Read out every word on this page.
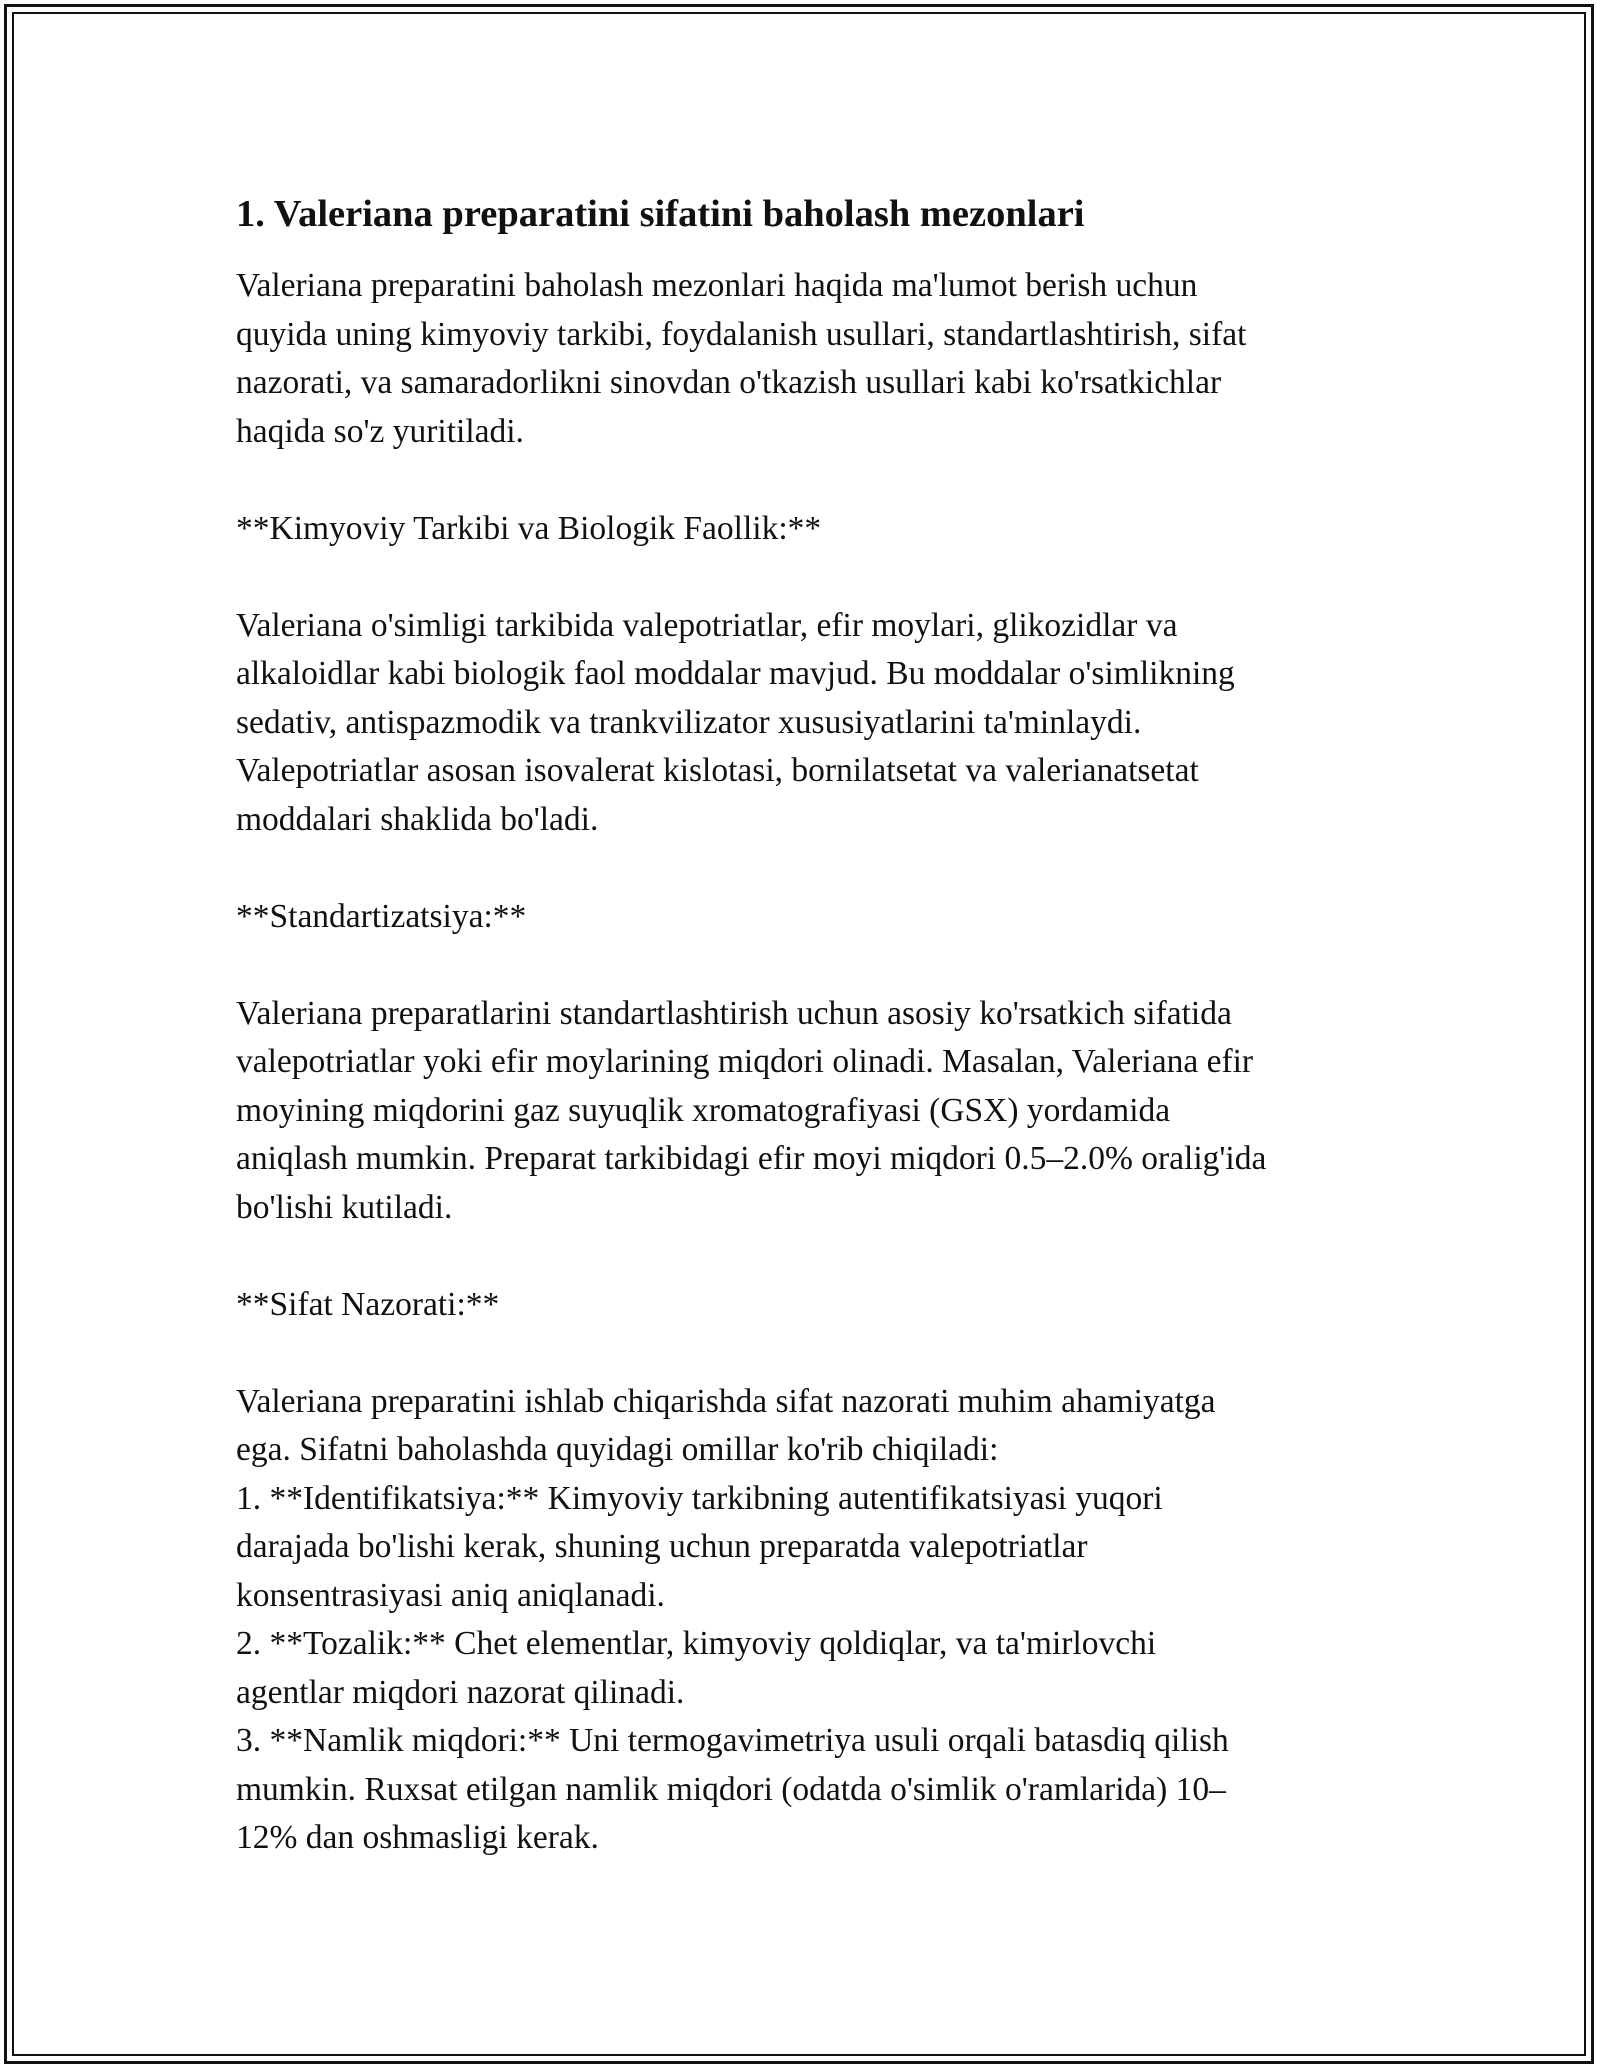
1. Valeriana preparatini sifatini baholash mezonlari

Valeriana preparatini baholash mezonlari haqida ma'lumot berish uchun
quyida uning kimyoviy tarkibi, foydalanish usullari, standartlashtirish, sifat
nazorati, va samaradorlikni sinovdan o'tkazish usullari kabi ko'rsatkichlar
haqida so'z yuritiladi.

**Kimyoviy Tarkibi va Biologik Faollik:**

Valeriana o'simligi tarkibida valepotriatlar, efir moylari, glikozidlar va
alkaloidlar kabi biologik faol moddalar mavjud. Bu moddalar o'simlikning
sedativ, antispazmodik va trankvilizator xususiyatlarini ta'minlaydi.
Valepotriatlar asosan isovalerat kislotasi, bornilatsetat va valerianatsetat
moddalari shaklida bo'ladi.

**Standartizatsiya:**

Valeriana preparatlarini standartlashtirish uchun asosiy ko'rsatkich sifatida
valepotriatlar yoki efir moylarining miqdori olinadi. Masalan, Valeriana efir
moyining miqdorini gaz suyuqlik xromatografiyasi (GSX) yordamida
aniqlash mumkin. Preparat tarkibidagi efir moyi miqdori 0.5–2.0% oralig'ida
bo'lishi kutiladi.

**Sifat Nazorati:**

Valeriana preparatini ishlab chiqarishda sifat nazorati muhim ahamiyatga
ega. Sifatni baholashda quyidagi omillar ko'rib chiqiladi:
1. **Identifikatsiya:** Kimyoviy tarkibning autentifikatsiyasi yuqori
darajada bo'lishi kerak, shuning uchun preparatda valepotriatlar
konsentrasiyasi aniq aniqlanadi.
2. **Tozalik:** Chet elementlar, kimyoviy qoldiqlar, va ta'mirlovchi
agentlar miqdori nazorat qilinadi.
3. **Namlik miqdori:** Uni termogavimetriya usuli orqali batasdiq qilish
mumkin. Ruxsat etilgan namlik miqdori (odatda o'simlik o'ramlarida) 10–
12% dan oshmasligi kerak.
